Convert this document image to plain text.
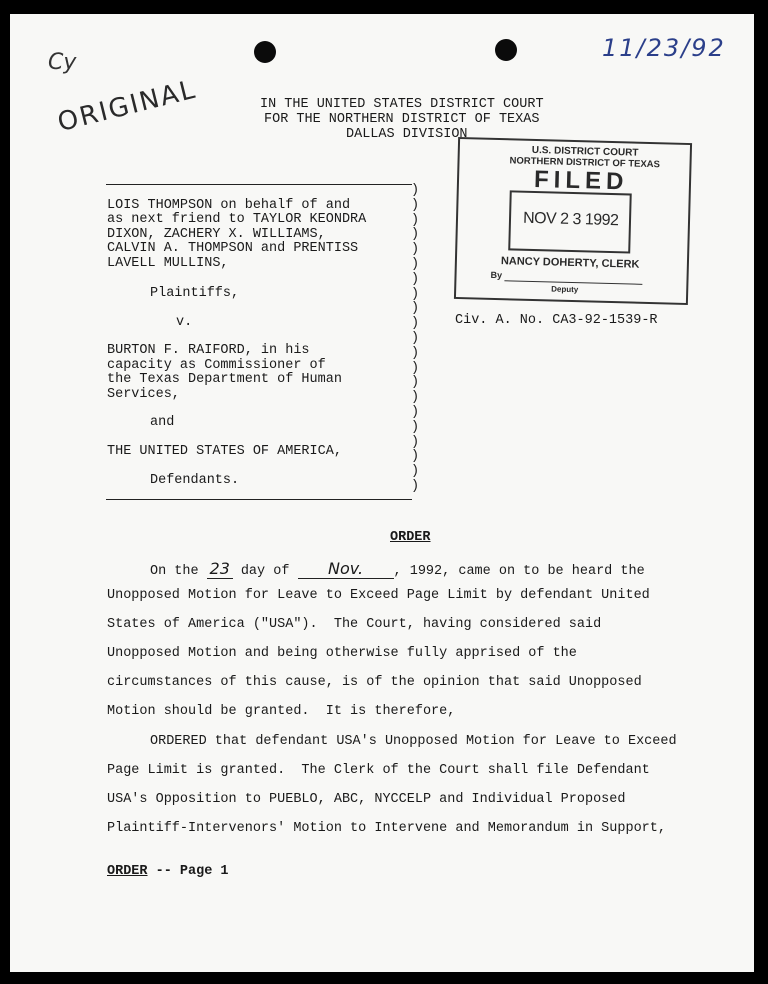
Cy
ORIGINAL
11/23/92
IN THE UNITED STATES DISTRICT COURT
FOR THE NORTHERN DISTRICT OF TEXAS
DALLAS DIVISION
U.S. DISTRICT COURT
NORTHERN DISTRICT OF TEXAS
FILED
NOV 2 3 1992
NANCY DOHERTY, CLERK
By
Deputy
)
)
)
)
)
)
)
)
)
)
)
)
)
)
)
)
)
)
)
)
)
LOIS THOMPSON on behalf of and
as next friend to TAYLOR KEONDRA
DIXON, ZACHERY X. WILLIAMS,
CALVIN A. THOMPSON and PRENTISS
LAVELL MULLINS,
Plaintiffs,
v.
BURTON F. RAIFORD, in his
capacity as Commissioner of
the Texas Department of Human
Services,
and
THE UNITED STATES OF AMERICA,
Defendants.
Civ. A. No. CA3-92-1539-R
ORDER
On the 23 day of Nov. , 1992, came on to be heard the
Unopposed Motion for Leave to Exceed Page Limit by defendant United
States of America ("USA").  The Court, having considered said
Unopposed Motion and being otherwise fully apprised of the
circumstances of this cause, is of the opinion that said Unopposed
Motion should be granted.  It is therefore,
ORDERED that defendant USA's Unopposed Motion for Leave to Exceed
Page Limit is granted.  The Clerk of the Court shall file Defendant
USA's Opposition to PUEBLO, ABC, NYCCELP and Individual Proposed
Plaintiff-Intervenors' Motion to Intervene and Memorandum in Support,
ORDER -- Page 1
